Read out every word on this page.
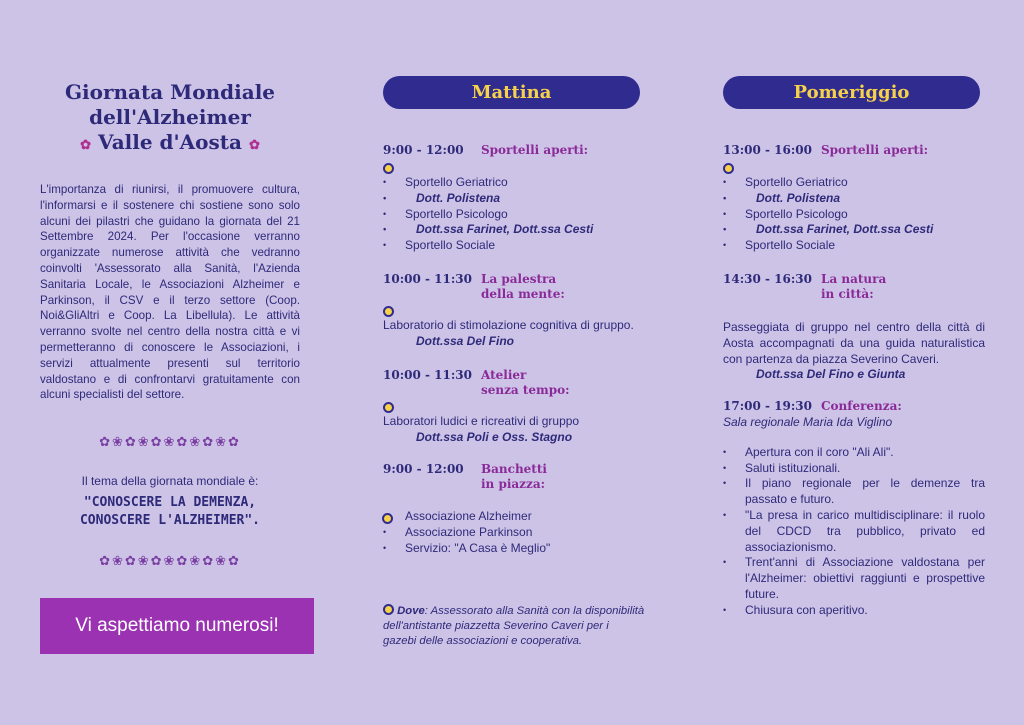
Giornata Mondiale
dell'Alzheimer
✿ Valle d'Aosta ✿
L'importanza di riunirsi, il promuovere cultura, l'informarsi e il sostenere chi sostiene sono solo alcuni dei pilastri che guidano la giornata del 21 Settembre 2024. Per l'occasione verranno organizzate numerose attività che vedranno coinvolti 'Assessorato alla Sanità, l'Azienda Sanitaria Locale, le Associazioni Alzheimer e Parkinson, il CSV e il terzo settore (Coop. Noi&GliAltri e Coop. La Libellula). Le attività verranno svolte nel centro della nostra città e vi permetteranno di conoscere le Associazioni, i servizi attualmente presenti sul territorio valdostano e di confrontarvi gratuitamente con alcuni specialisti del settore.
✿❀✿❀✿❀✿❀✿❀✿
Il tema della giornata mondiale è:
"CONOSCERE LA DEMENZA,
CONOSCERE L'ALZHEIMER".
✿❀✿❀✿❀✿❀✿❀✿
Vi aspettiamo numerosi!
Mattina
9:00 - 12:00 Sportelli aperti:
• Sportello Geriatrico
• Dott. Polistena
• Sportello Psicologo
• Dott.ssa Farinet, Dott.ssa Cesti
• Sportello Sociale
10:00 - 11:30 La palestra
della mente:
Laboratorio di stimolazione cognitiva di gruppo.
Dott.ssa Del Fino
10:00 - 11:30 Atelier
senza tempo:
Laboratori ludici e ricreativi di gruppo
Dott.ssa Poli e Oss. Stagno
9:00 - 12:00 Banchetti
in piazza:
• Associazione Alzheimer
• Associazione Parkinson
• Servizio: "A Casa è Meglio"
Dove: Assessorato alla Sanità con la disponibilità dell'antistante piazzetta Severino Caveri per i gazebi delle associazioni e cooperativa.
Pomeriggio
13:00 - 16:00 Sportelli aperti:
• Sportello Geriatrico
• Dott. Polistena
• Sportello Psicologo
• Dott.ssa Farinet, Dott.ssa Cesti
• Sportello Sociale
14:30 - 16:30 La natura
in città:
Passeggiata di gruppo nel centro della città di Aosta accompagnati da una guida naturalistica con partenza da piazza Severino Caveri.
Dott.ssa Del Fino e Giunta
17:00 - 19:30 Conferenza:
Sala regionale Maria Ida Viglino
• Apertura con il coro "Ali Ali".
• Saluti istituzionali.
• Il piano regionale per le demenze tra passato e futuro.
• "La presa in carico multidisciplinare: il ruolo del CDCD tra pubblico, privato ed associazionismo.
• Trent'anni di Associazione valdostana per l'Alzheimer: obiettivi raggiunti e prospettive future.
• Chiusura con aperitivo.
